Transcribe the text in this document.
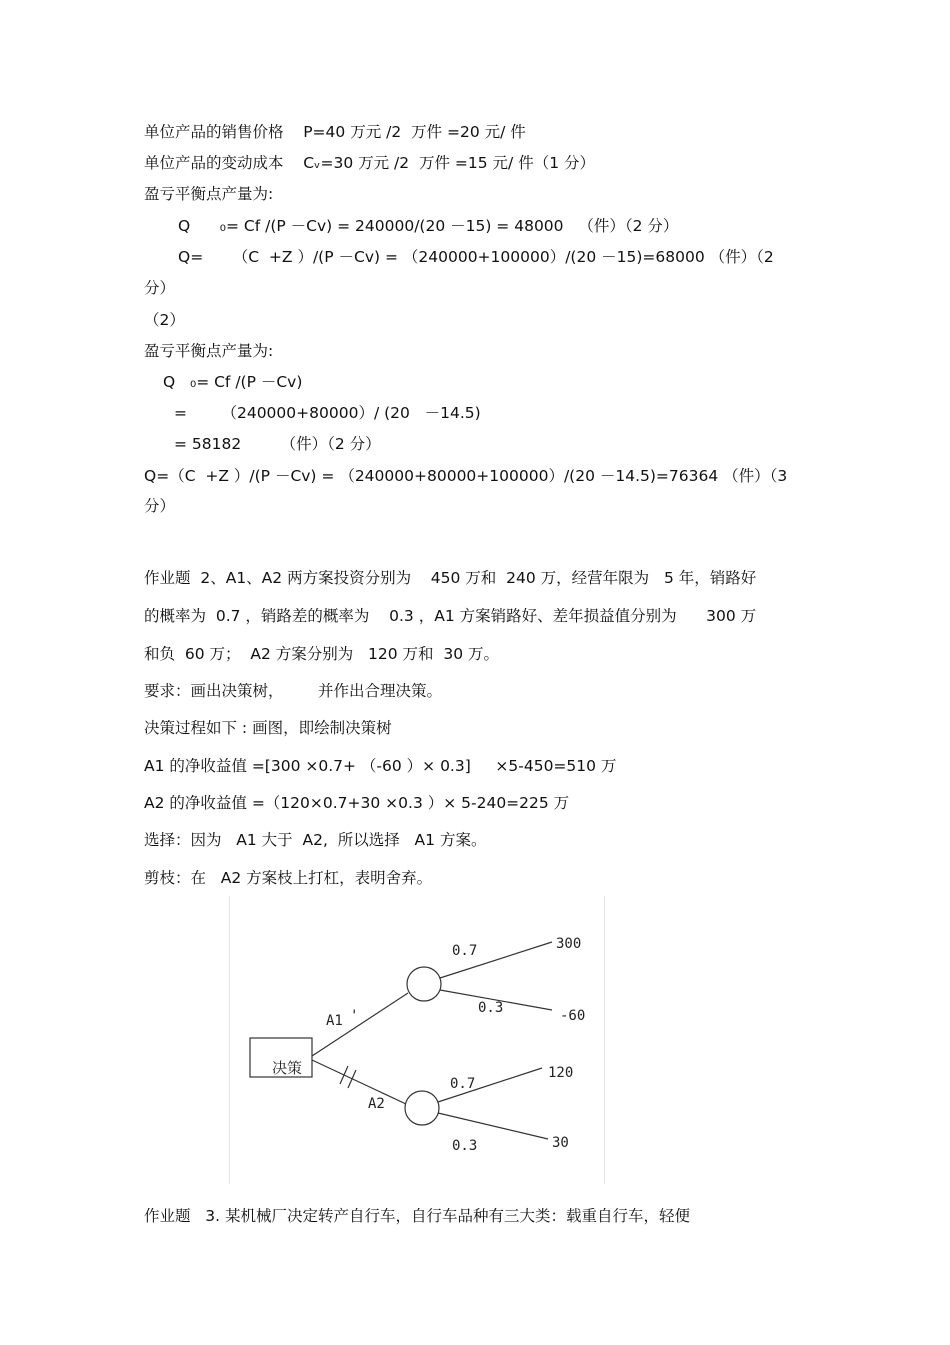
单位产品的销售价格    P=40 万元 /2  万件 =20 元/ 件
单位产品的变动成本    Cᵥ=30 万元 /2  万件 =15 元/ 件（1 分）
盈亏平衡点产量为:
Q      ₀= Cf /(P －Cv) = 240000/(20 －15) = 48000   （件）（2 分）
Q=      （C  +Z ）/(P －Cv) = （240000+100000）/(20 －15)=68000 （件）（2
分）
（2）
盈亏平衡点产量为:
Q   ₀= Cf /(P －Cv)
=       （240000+80000）/ (20   －14.5)
= 58182        （件）（2 分）
Q=（C  +Z ）/(P －Cv) = （240000+80000+100000）/(20 －14.5)=76364 （件）（3
分）
作业题  2、A1、A2 两方案投资分别为    450 万和  240 万，经营年限为   5 年，销路好
的概率为  0.7 ，销路差的概率为    0.3 ，A1 方案销路好、差年损益值分别为      300 万
和负  60 万；  A2 方案分别为   120 万和  30 万。
要求：画出决策树，       并作出合理决策。
决策过程如下 : 画图，即绘制决策树
A1 的净收益值 =[300 ×0.7+ （-60 ）× 0.3]     ×5-450=510 万
A2 的净收益值 =（120×0.7+30 ×0.3 ）× 5-240=225 万
选择：因为   A1 大于  A2,  所以选择   A1 方案。
剪枝：在   A2 方案枝上打杠，表明舍弃。
决策
A1 '
A2
0.7
0.3
300
-60
0.7
0.3
120
30
作业题   3. 某机械厂决定转产自行车，自行车品种有三大类：载重自行车，轻便
